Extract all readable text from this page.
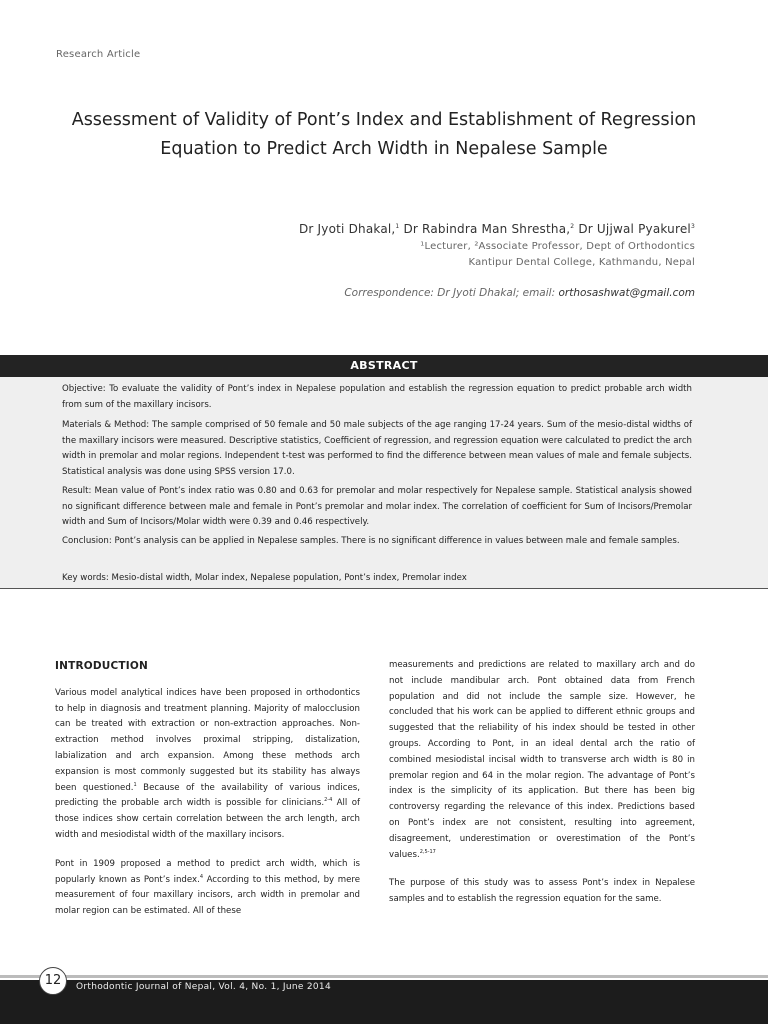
Research Article
Assessment of Validity of Pont’s Index and Establishment of Regression
Equation to Predict Arch Width in Nepalese Sample
Dr Jyoti Dhakal,$^1$ Dr Rabindra Man Shrestha,$^2$ Dr Ujjwal Pyakurel$^3$
¹Lecturer, ²Associate Professor, Dept of Orthodontics
Kantipur Dental College, Kathmandu, Nepal
Correspondence: Dr Jyoti Dhakal; email: orthosashwat@gmail.com
ABSTRACT
Objective: To evaluate the validity of Pont’s index in Nepalese population and establish the regression equation to predict probable arch width from sum of the maxillary incisors.
Materials & Method: The sample comprised of 50 female and 50 male subjects of the age ranging 17-24 years. Sum of the mesio-distal widths of the maxillary incisors were measured. Descriptive statistics, Coefficient of regression, and regression equation were calculated to predict the arch width in premolar and molar regions. Independent t-test was performed to find the difference between mean values of male and female subjects. Statistical analysis was done using SPSS version 17.0.
Result: Mean value of Pont’s index ratio was 0.80 and 0.63 for premolar and molar respectively for Nepalese sample. Statistical analysis showed no significant difference between male and female in Pont’s premolar and molar index. The correlation of coefficient for Sum of Incisors/Premolar width and Sum of Incisors/Molar width were 0.39 and 0.46 respectively.
Conclusion: Pont’s analysis can be applied in Nepalese samples. There is no significant difference in values between male and female samples.
Key words: Mesio-distal width, Molar index, Nepalese population, Pont’s index, Premolar index
INTRODUCTION

Various model analytical indices have been proposed in orthodontics to help in diagnosis and treatment planning. Majority of malocclusion can be treated with extraction or non-extraction approaches. Non-extraction method involves proximal stripping, distalization, labialization and arch expansion. Among these methods arch expansion is most commonly suggested but its stability has always been questioned.$^1$ Because of the availability of various indices, predicting the probable arch width is possible for clinicians.$^{2-4}$ All of those indices show certain correlation between the arch length, arch width and mesiodistal width of the maxillary incisors.

Pont in 1909 proposed a method to predict arch width, which is popularly known as Pont’s index.$^4$ According to this method, by mere measurement of four maxillary incisors, arch width in premolar and molar region can be estimated. All of these

measurements and predictions are related to maxillary arch and do not include mandibular arch. Pont obtained data from French population and did not include the sample size. However, he concluded that his work can be applied to different ethnic groups and suggested that the reliability of his index should be tested in other groups. According to Pont, in an ideal dental arch the ratio of combined mesiodistal incisal width to transverse arch width is 80 in premolar region and 64 in the molar region. The advantage of Pont’s index is the simplicity of its application. But there has been big controversy regarding the relevance of this index. Predictions based on Pont’s index are not consistent, resulting into agreement, disagreement, underestimation or overestimation of the Pont’s values.$^{2,5-17}$

The purpose of this study was to assess Pont’s index in Nepalese samples and to establish the regression equation for the same.

12	Orthodontic Journal of Nepal, Vol. 4, No. 1, June 2014
